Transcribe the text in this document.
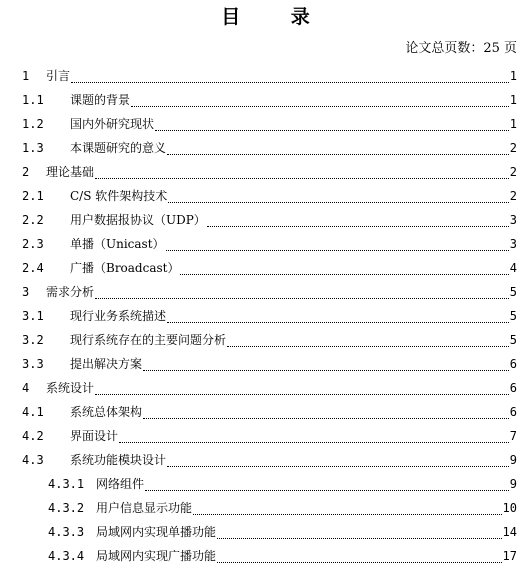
目 录
论文总页数：25 页
1 引言	1
1.1 课题的背景	1
1.2 国内外研究现状	1
1.3 本课题研究的意义	2
2 理论基础	2
2.1 C/S 软件架构技术	2
2.2 用户数据报协议（UDP）	3
2.3 单播（Unicast）	3
2.4 广播（Broadcast）	4
3 需求分析	5
3.1 现行业务系统描述	5
3.2 现行系统存在的主要问题分析	5
3.3 提出解决方案	6
4 系统设计	6
4.1 系统总体架构	6
4.2 界面设计	7
4.3 系统功能模块设计	9
4.3.1 网络组件	9
4.3.2 用户信息显示功能	10
4.3.3 局域网内实现单播功能	14
4.3.4 局域网内实现广播功能	17
